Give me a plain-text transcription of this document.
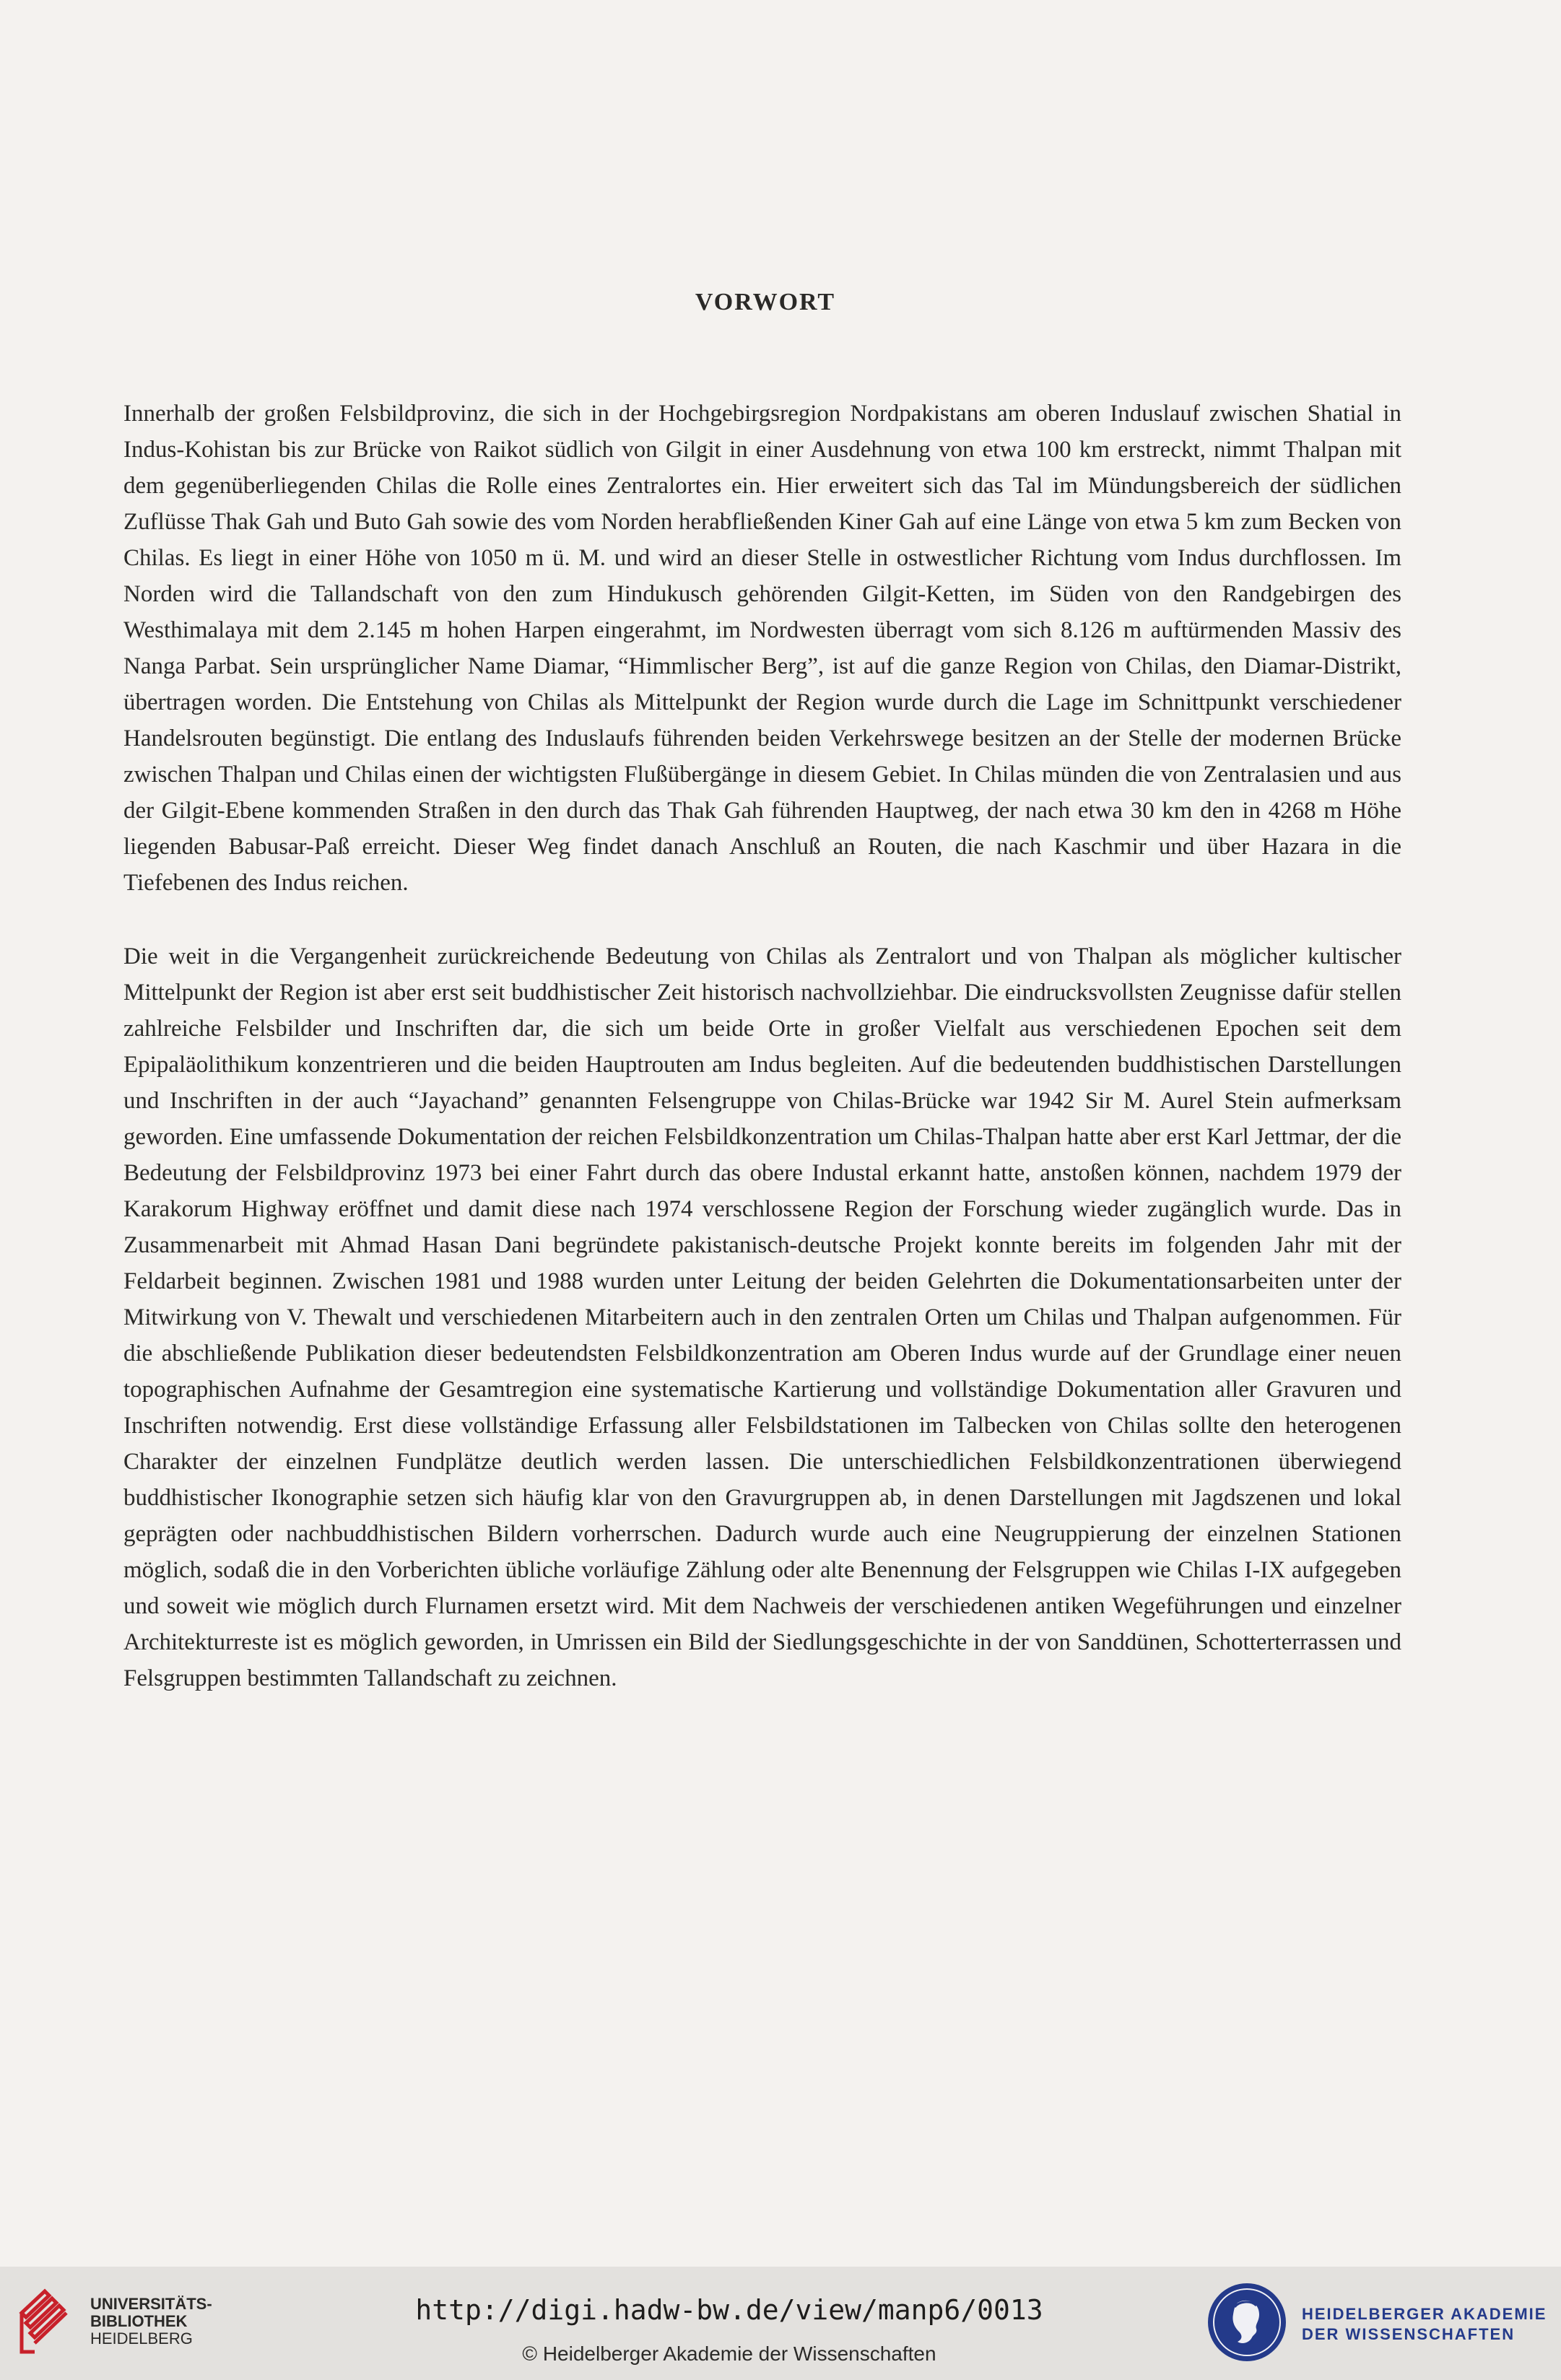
VORWORT

Innerhalb der großen Felsbildprovinz, die sich in der Hochgebirgsregion Nordpakistans am oberen Induslauf zwischen Shatial in Indus-Kohistan bis zur Brücke von Raikot südlich von Gilgit in einer Ausdehnung von etwa 100 km erstreckt, nimmt Thalpan mit dem gegenüberliegenden Chilas die Rolle eines Zentralortes ein. Hier erweitert sich das Tal im Mündungsbereich der südlichen Zuflüsse Thak Gah und Buto Gah sowie des vom Norden herabfließenden Kiner Gah auf eine Länge von etwa 5 km zum Becken von Chilas. Es liegt in einer Höhe von 1050 m ü. M. und wird an dieser Stelle in ostwestlicher Richtung vom Indus durchflossen. Im Norden wird die Tallandschaft von den zum Hindukusch gehörenden Gilgit-Ketten, im Süden von den Randgebirgen des Westhimalaya mit dem 2.145 m hohen Harpen eingerahmt, im Nordwesten überragt vom sich 8.126 m auftürmenden Massiv des Nanga Parbat. Sein ursprünglicher Name Diamar, “Himmlischer Berg”, ist auf die ganze Region von Chilas, den Diamar-Distrikt, übertragen worden. Die Entstehung von Chilas als Mittelpunkt der Region wurde durch die Lage im Schnittpunkt verschiedener Handelsrouten begünstigt. Die entlang des Induslaufs führenden beiden Verkehrswege besitzen an der Stelle der modernen Brücke zwischen Thalpan und Chilas einen der wichtigsten Flußübergänge in diesem Gebiet. In Chilas münden die von Zentralasien und aus der Gilgit-Ebene kommenden Straßen in den durch das Thak Gah führenden Hauptweg, der nach etwa 30 km den in 4268 m Höhe liegenden Babusar-Paß erreicht. Dieser Weg findet danach Anschluß an Routen, die nach Kaschmir und über Hazara in die Tiefebenen des Indus reichen.

Die weit in die Vergangenheit zurückreichende Bedeutung von Chilas als Zentralort und von Thalpan als möglicher kultischer Mittelpunkt der Region ist aber erst seit buddhistischer Zeit historisch nachvollziehbar. Die eindrucksvollsten Zeugnisse dafür stellen zahlreiche Felsbilder und Inschriften dar, die sich um beide Orte in großer Vielfalt aus verschiedenen Epochen seit dem Epipaläolithikum konzentrieren und die beiden Hauptrouten am Indus begleiten. Auf die bedeutenden buddhistischen Darstellungen und Inschriften in der auch “Jayachand” genannten Felsengruppe von Chilas-Brücke war 1942 Sir M. Aurel Stein aufmerksam geworden. Eine umfassende Dokumentation der reichen Felsbildkonzentration um Chilas-Thalpan hatte aber erst Karl Jettmar, der die Bedeutung der Felsbildprovinz 1973 bei einer Fahrt durch das obere Industal erkannt hatte, anstoßen können, nachdem 1979 der Karakorum Highway eröffnet und damit diese nach 1974 verschlossene Region der Forschung wieder zugänglich wurde. Das in Zusammenarbeit mit Ahmad Hasan Dani begründete pakistanisch-deutsche Projekt konnte bereits im folgenden Jahr mit der Feldarbeit beginnen. Zwischen 1981 und 1988 wurden unter Leitung der beiden Gelehrten die Dokumentationsarbeiten unter der Mitwirkung von V. Thewalt und verschiedenen Mitarbeitern auch in den zentralen Orten um Chilas und Thalpan aufgenommen. Für die abschließende Publikation dieser bedeutendsten Felsbildkonzentration am Oberen Indus wurde auf der Grundlage einer neuen topographischen Aufnahme der Gesamtregion eine systematische Kartierung und vollständige Dokumentation aller Gravuren und Inschriften notwendig. Erst diese vollständige Erfassung aller Felsbildstationen im Talbecken von Chilas sollte den heterogenen Charakter der einzelnen Fundplätze deutlich werden lassen. Die unterschiedlichen Felsbildkonzentrationen überwiegend buddhistischer Ikonographie setzen sich häufig klar von den Gravurgruppen ab, in denen Darstellungen mit Jagdszenen und lokal geprägten oder nachbuddhistischen Bildern vorherrschen. Dadurch wurde auch eine Neugruppierung der einzelnen Stationen möglich, sodaß die in den Vorberichten übliche vorläufige Zählung oder alte Benennung der Felsgruppen wie Chilas I-IX aufgegeben und soweit wie möglich durch Flurnamen ersetzt wird. Mit dem Nachweis der verschiedenen antiken Wegeführungen und einzelner Architekturreste ist es möglich geworden, in Umrissen ein Bild der Siedlungsgeschichte in der von Sanddünen, Schotterterrassen und Felsgruppen bestimmten Tallandschaft zu zeichnen.

UNIVERSITÄTS-
BIBLIOTHEK
HEIDELBERG
http://digi.hadw-bw.de/view/manp6/0013
© Heidelberger Akademie der Wissenschaften
HEIDELBERGER AKADEMIE
DER WISSENSCHAFTEN
